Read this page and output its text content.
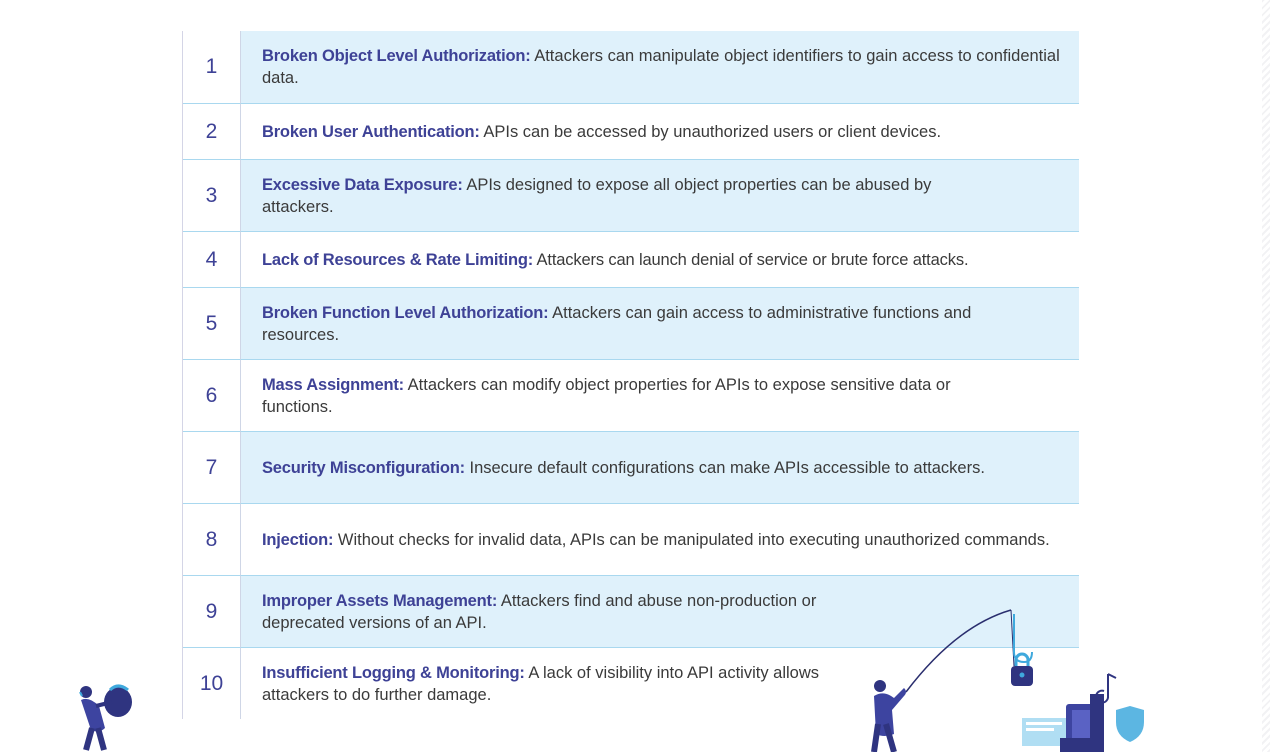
1	Broken Object Level Authorization: Attackers can manipulate object identifiers to gain access to confidential data.
2	Broken User Authentication: APIs can be accessed by unauthorized users or client devices.
3	Excessive Data Exposure: APIs designed to expose all object properties can be abused by attackers.
4	Lack of Resources & Rate Limiting: Attackers can launch denial of service or brute force attacks.
5	Broken Function Level Authorization: Attackers can gain access to administrative functions and resources.
6	Mass Assignment: Attackers can modify object properties for APIs to expose sensitive data or functions.
7	Security Misconfiguration: Insecure default configurations can make APIs accessible to attackers.
8	Injection: Without checks for invalid data, APIs can be manipulated into executing unauthorized commands.
9	Improper Assets Management: Attackers find and abuse non-production or deprecated versions of an API.
10	Insufficient Logging & Monitoring: A lack of visibility into API activity allows attackers to do further damage.
